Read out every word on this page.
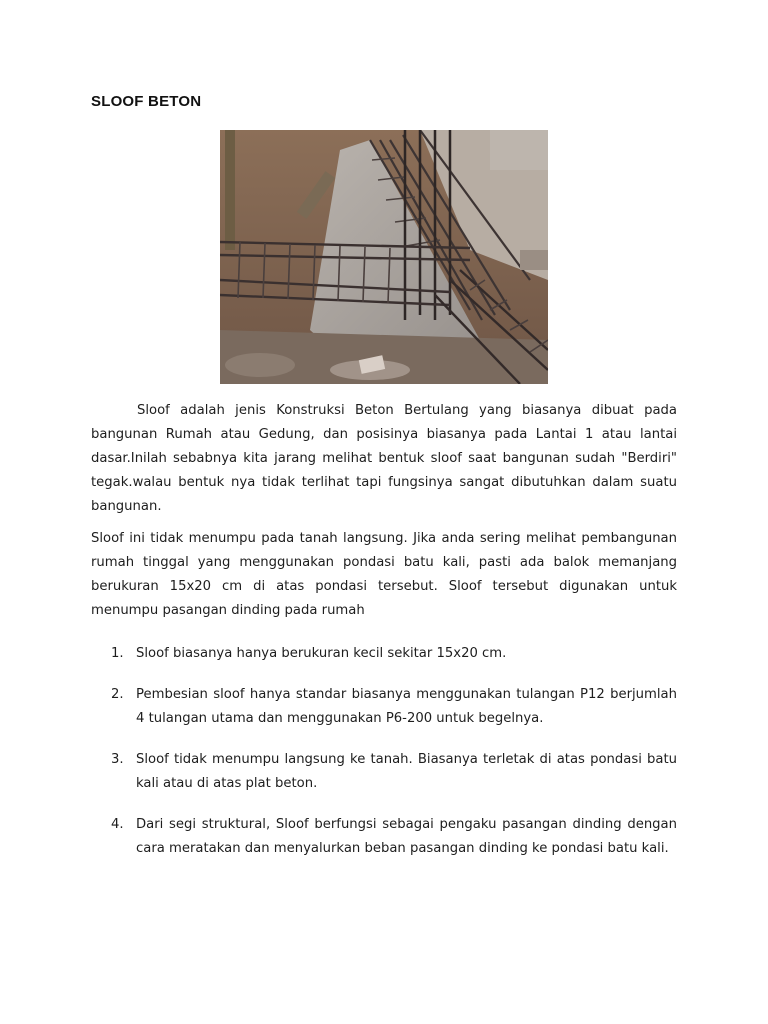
SLOOF BETON

Sloof adalah jenis Konstruksi Beton Bertulang yang biasanya dibuat pada bangunan Rumah atau Gedung, dan posisinya biasanya pada Lantai 1 atau lantai dasar.Inilah sebabnya kita jarang melihat bentuk sloof saat bangunan sudah "Berdiri" tegak.walau bentuk nya tidak terlihat tapi fungsinya sangat dibutuhkan dalam suatu bangunan.

Sloof ini tidak menumpu pada tanah langsung. Jika anda sering melihat pembangunan rumah tinggal yang menggunakan pondasi batu kali, pasti ada balok memanjang berukuran 15x20 cm di atas pondasi tersebut. Sloof tersebut digunakan untuk menumpu pasangan dinding pada rumah

1. Sloof biasanya hanya berukuran kecil sekitar 15x20 cm.
2. Pembesian sloof hanya standar biasanya menggunakan tulangan P12 berjumlah 4 tulangan utama dan menggunakan P6-200 untuk begelnya.
3. Sloof tidak menumpu langsung ke tanah. Biasanya terletak di atas pondasi batu kali atau di atas plat beton.
4. Dari segi struktural, Sloof berfungsi sebagai pengaku pasangan dinding dengan cara meratakan dan menyalurkan beban pasangan dinding ke pondasi batu kali.
